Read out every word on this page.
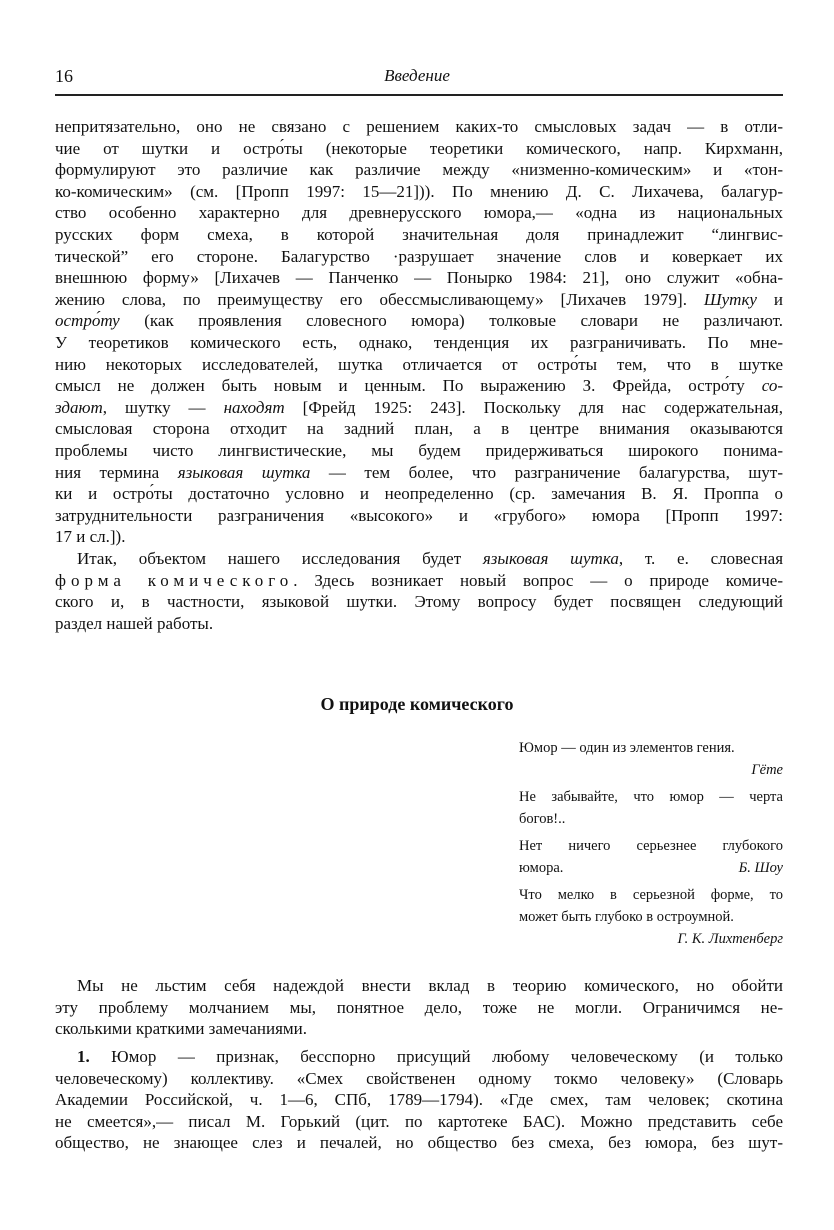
16	Введение
непритязательно, оно не связано с решением каких-то смысловых задач — в отли-
чие от шутки и остро́ты (некоторые теоретики комического, напр. Кирхманн,
формулируют это различие как различие между «низменно-комическим» и «тон-
ко-комическим» (см. [Пропп 1997: 15—21])). По мнению Д. С. Лихачева, балагур-
ство особенно характерно для древнерусского юмора,— «одна из национальных
русских форм смеха, в которой значительная доля принадлежит “лингвис-
тической” его стороне. Балагурство ·разрушает значение слов и коверкает их
внешнюю форму» [Лихачев — Панченко — Понырко 1984: 21], оно служит «обна-
жению слова, по преимуществу его обессмысливающему» [Лихачев 1979]. Шутку и
остро́ту (как проявления словесного юмора) толковые словари не различают.
У теоретиков комического есть, однако, тенденция их разграничивать. По мне-
нию некоторых исследователей, шутка отличается от остро́ты тем, что в шутке
смысл не должен быть новым и ценным. По выражению З. Фрейда, остро́ту со-
здают, шутку — находят [Фрейд 1925: 243]. Поскольку для нас содержательная,
смысловая сторона отходит на задний план, а в центре внимания оказываются
проблемы чисто лингвистические, мы будем придерживаться широкого понима-
ния термина языковая шутка — тем более, что разграничение балагурства, шут-
ки и остро́ты достаточно условно и неопределенно (ср. замечания В. Я. Проппа о
затруднительности разграничения «высокого» и «грубого» юмора [Пропп 1997:
17 и сл.]).
Итак, объектом нашего исследования будет языковая шутка, т. е. словесная
форма комического. Здесь возникает новый вопрос — о природе комиче-
ского и, в частности, языковой шутки. Этому вопросу будет посвящен следующий
раздел нашей работы.
Мы не льстим себя надеждой внести вклад в теорию комического, но обойти
эту проблему молчанием мы, понятное дело, тоже не могли. Ограничимся не-
сколькими краткими замечаниями.
1. Юмор — признак, бесспорно присущий любому человеческому (и только
человеческому) коллективу. «Смех свойственен одному токмо человеку» (Словарь
Академии Российской, ч. 1—6, СПб, 1789—1794). «Где смех, там человек; скотина
не смеется»,— писал М. Горький (цит. по картотеке БАС). Можно представить себе
общество, не знающее слез и печалей, но общество без смеха, без юмора, без шут-
О природе комического
Юмор — один из элементов гения.
Гёте
Не забывайте, что юмор — черта
богов!..
Нет ничего серьезнее глубокого
юмора.	Б. Шоу
Что мелко в серьезной форме, то
может быть глубоко в остроумной.
Г. К. Лихтенберг
